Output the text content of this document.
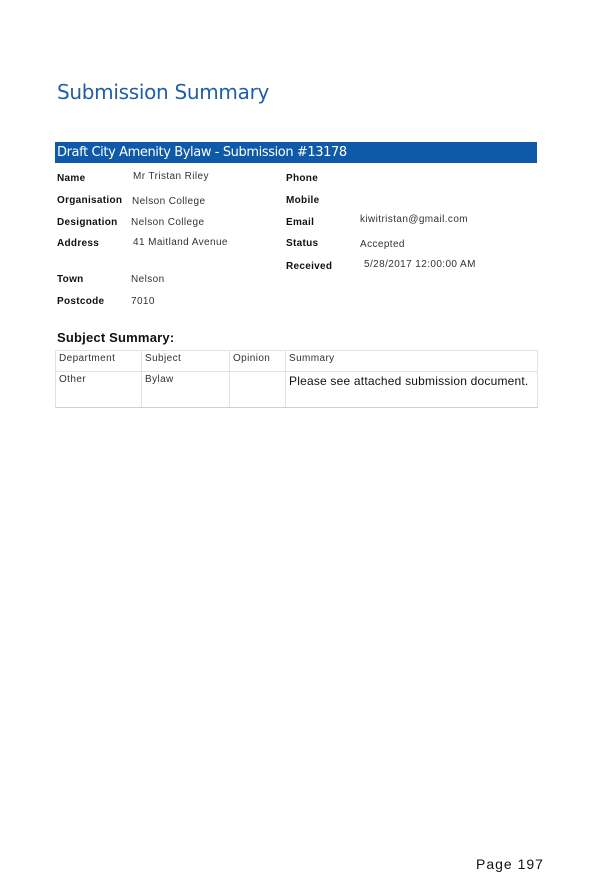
Submission Summary
Draft City Amenity Bylaw - Submission #13178
Name	Mr Tristan Riley
Organisation Nelson College
Designation Nelson College
Address	41 Maitland Avenue
Town	Nelson
Postcode	7010
Phone
Mobile
Email	kiwitristan@gmail.com
Status	Accepted
Received	5/28/2017 12:00:00 AM
Subject Summary:
Department	Subject	Opinion	Summary
Other	Bylaw		Please see attached submission document.
Page 197
